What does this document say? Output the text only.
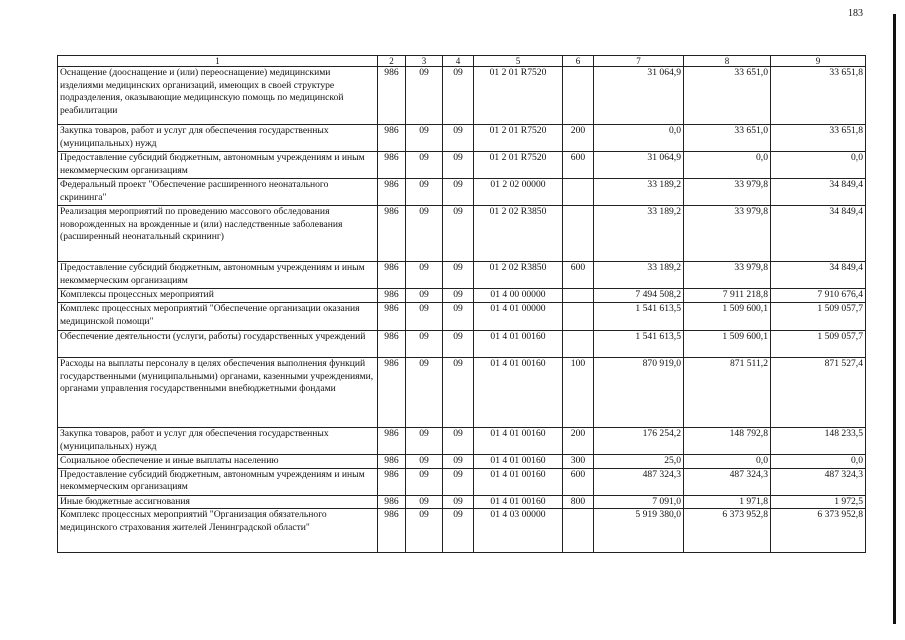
183
1	2	3	4	5	6	7	8	9
Оснащение (дооснащение и (или) переоснащение) медицинскими изделиями медицинских организаций, имеющих в своей структуре подразделения, оказывающие медицинскую помощь по медицинской реабилитации	986	09	09	01 2 01 R7520		31 064,9	33 651,0	33 651,8
Закупка товаров, работ и услуг для обеспечения государственных (муниципальных) нужд	986	09	09	01 2 01 R7520	200	0,0	33 651,0	33 651,8
Предоставление субсидий бюджетным, автономным учреждениям и иным некоммерческим организациям	986	09	09	01 2 01 R7520	600	31 064,9	0,0	0,0
Федеральный проект "Обеспечение расширенного неонатального скрининга"	986	09	09	01 2 02 00000		33 189,2	33 979,8	34 849,4
Реализация мероприятий по проведению массового обследования новорожденных на врожденные и (или) наследственные заболевания (расширенный неонатальный скрининг)	986	09	09	01 2 02 R3850		33 189,2	33 979,8	34 849,4
Предоставление субсидий бюджетным, автономным учреждениям и иным некоммерческим организациям	986	09	09	01 2 02 R3850	600	33 189,2	33 979,8	34 849,4
Комплексы процессных мероприятий	986	09	09	01 4 00 00000		7 494 508,2	7 911 218,8	7 910 676,4
Комплекс процессных мероприятий "Обеспечение организации оказания медицинской помощи"	986	09	09	01 4 01 00000		1 541 613,5	1 509 600,1	1 509 057,7
Обеспечение деятельности (услуги, работы) государственных учреждений	986	09	09	01 4 01 00160		1 541 613,5	1 509 600,1	1 509 057,7
Расходы на выплаты персоналу в целях обеспечения выполнения функций государственными (муниципальными) органами, казенными учреждениями, органами управления государственными внебюджетными фондами	986	09	09	01 4 01 00160	100	870 919,0	871 511,2	871 527,4
Закупка товаров, работ и услуг для обеспечения государственных (муниципальных) нужд	986	09	09	01 4 01 00160	200	176 254,2	148 792,8	148 233,5
Социальное обеспечение и иные выплаты населению	986	09	09	01 4 01 00160	300	25,0	0,0	0,0
Предоставление субсидий бюджетным, автономным учреждениям и иным некоммерческим организациям	986	09	09	01 4 01 00160	600	487 324,3	487 324,3	487 324,3
Иные бюджетные ассигнования	986	09	09	01 4 01 00160	800	7 091,0	1 971,8	1 972,5
Комплекс процессных мероприятий "Организация обязательного медицинского страхования жителей Ленинградской области"	986	09	09	01 4 03 00000		5 919 380,0	6 373 952,8	6 373 952,8
